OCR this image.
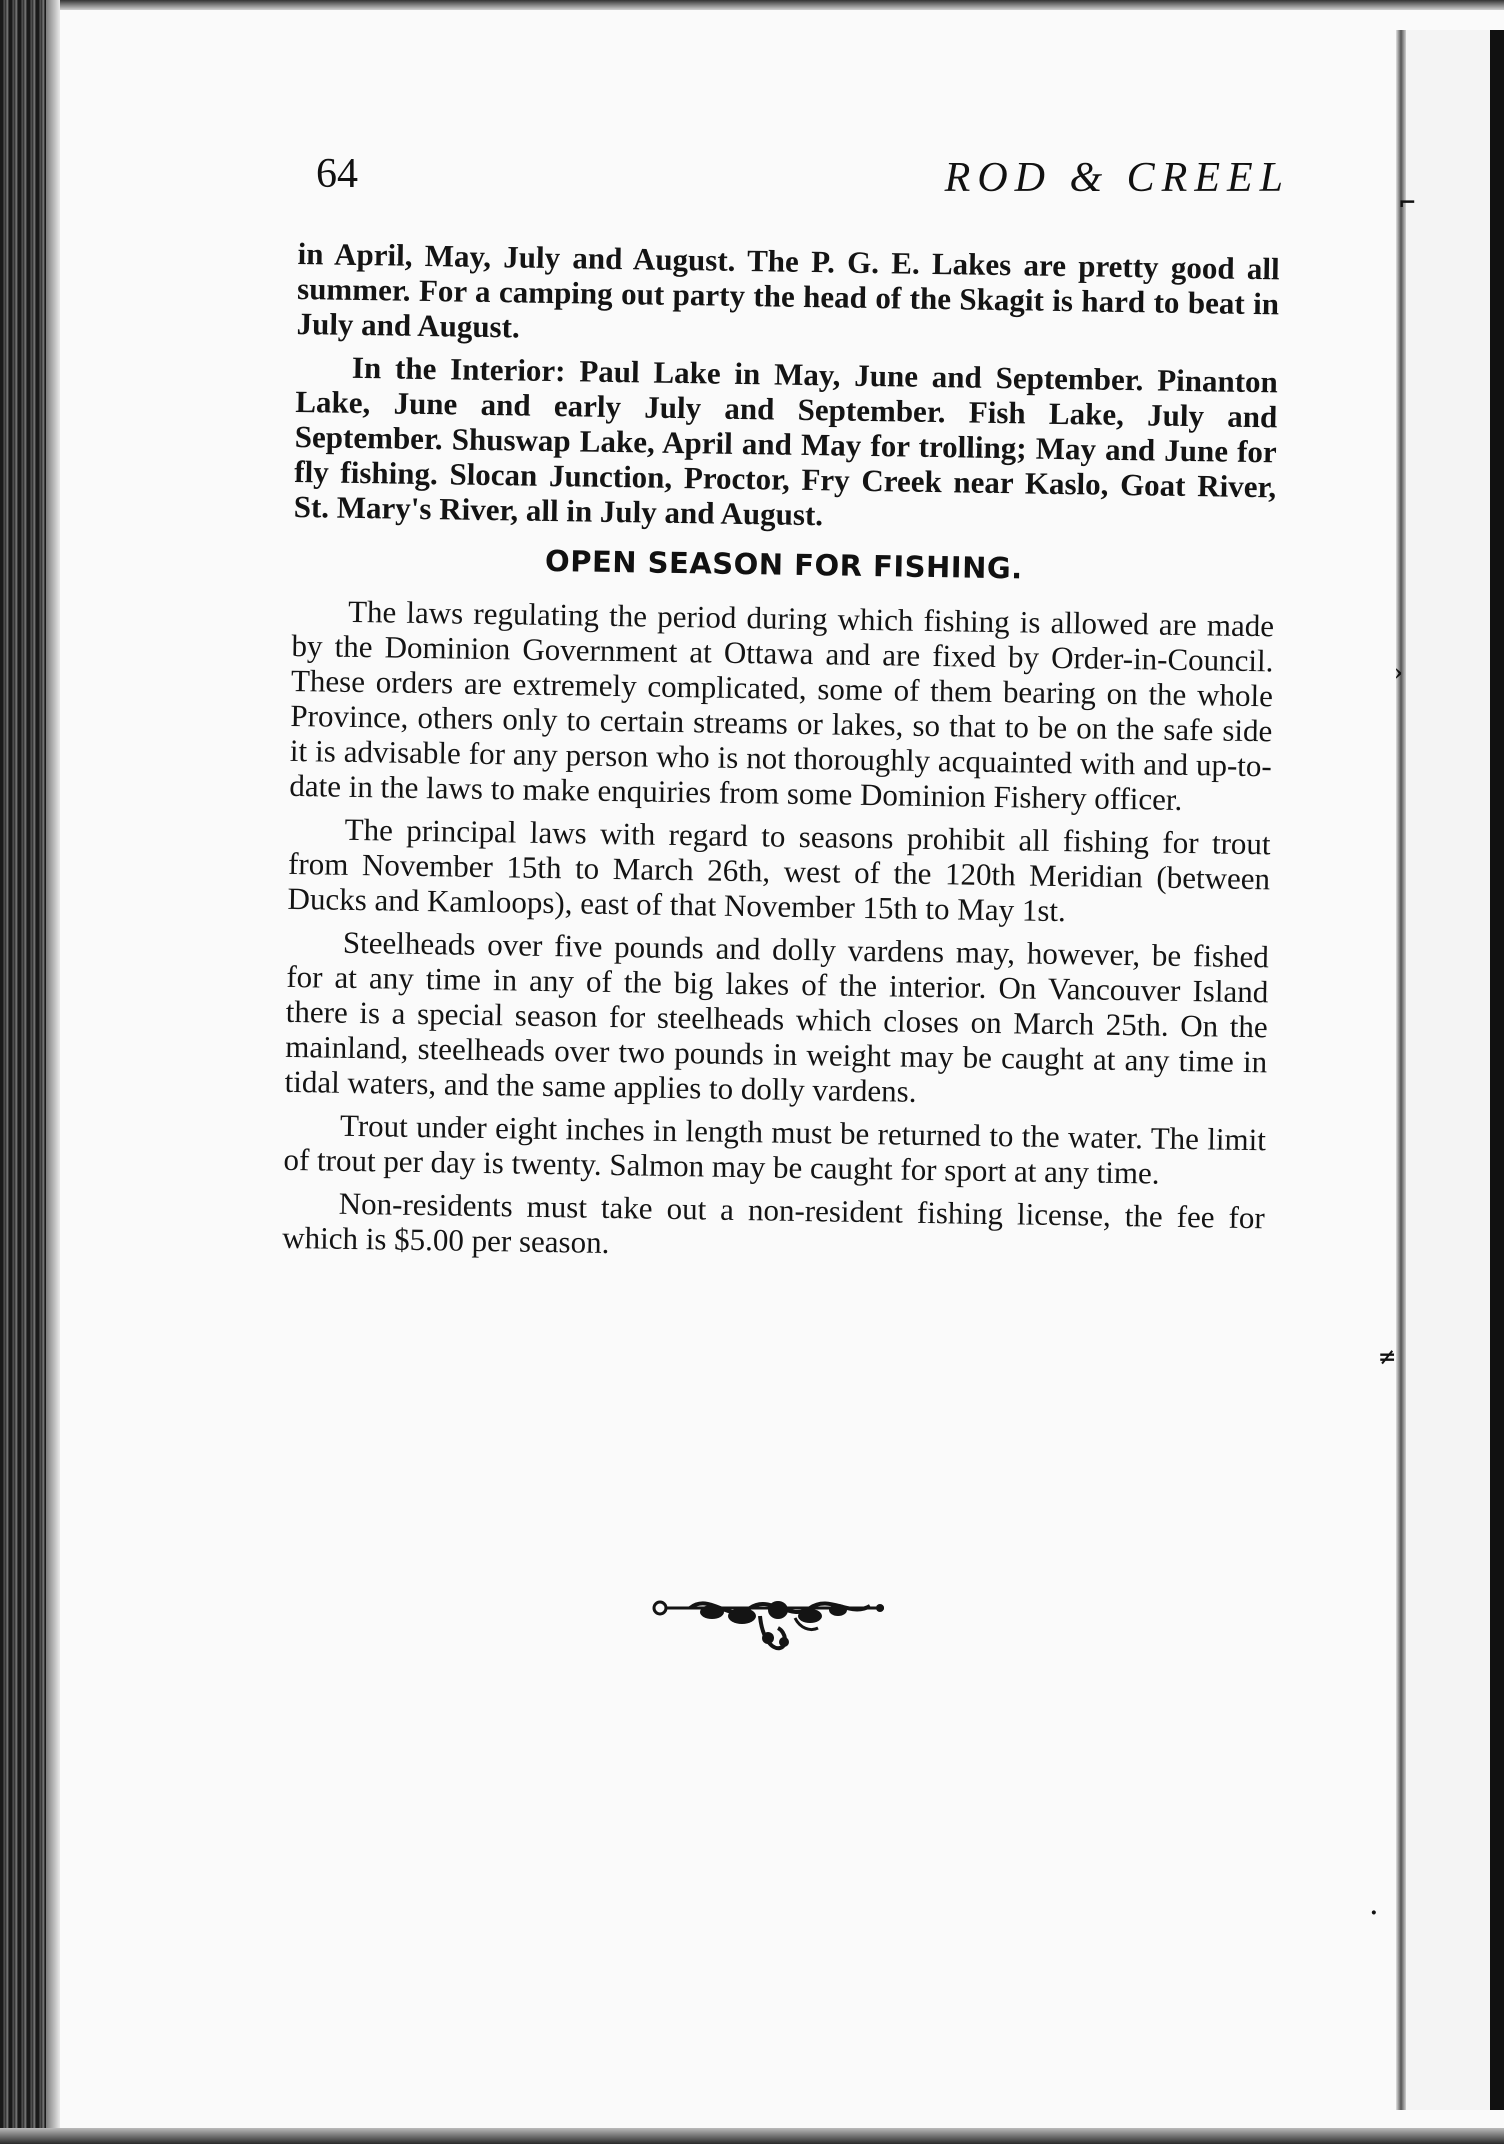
⌐
›
≠
·
64	ROD & CREEL

in April, May, July and August. The P. G. E. Lakes are pretty good all summer. For a camping out party the head of the Skagit is hard to beat in July and August.

In the Interior: Paul Lake in May, June and September. Pinanton Lake, June and early July and September. Fish Lake, July and September. Shuswap Lake, April and May for trolling; May and June for fly fishing. Slocan Junction, Proctor, Fry Creek near Kaslo, Goat River, St. Mary's River, all in July and August.

OPEN SEASON FOR FISHING.

The laws regulating the period during which fishing is allowed are made by the Dominion Government at Ottawa and are fixed by Order-in-Council. These orders are extremely complicated, some of them bearing on the whole Province, others only to certain streams or lakes, so that to be on the safe side it is advisable for any person who is not thoroughly acquainted with and up-to-date in the laws to make enquiries from some Dominion Fishery officer.

The principal laws with regard to seasons prohibit all fishing for trout from November 15th to March 26th, west of the 120th Meridian (between Ducks and Kamloops), east of that November 15th to May 1st.

Steelheads over five pounds and dolly vardens may, however, be fished for at any time in any of the big lakes of the interior. On Vancouver Island there is a special season for steelheads which closes on March 25th. On the mainland, steelheads over two pounds in weight may be caught at any time in tidal waters, and the same applies to dolly vardens.

Trout under eight inches in length must be returned to the water. The limit of trout per day is twenty. Salmon may be caught for sport at any time.

Non-residents must take out a non-resident fishing license, the fee for which is $5.00 per season.
